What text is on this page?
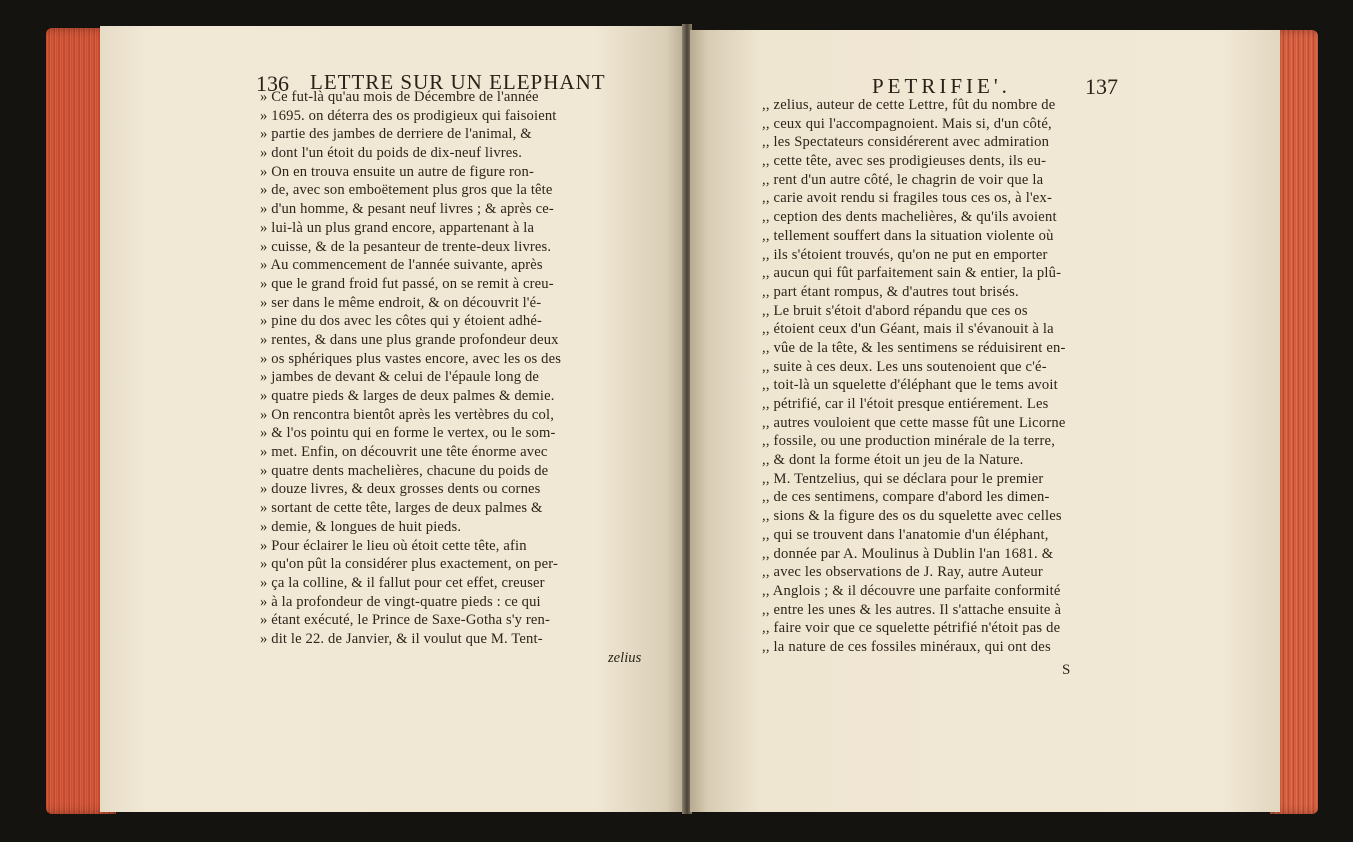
136 LETTRE SUR UN ELEPHANT
» Ce fut-là qu'au mois de Décembre de l'année
» 1695. on déterra des os prodigieux qui faisoient
» partie des jambes de derriere de l'animal, &
» dont l'un étoit du poids de dix-neuf livres.
» On en trouva ensuite un autre de figure ron-
» de, avec son emboëtement plus gros que la tête
» d'un homme, & pesant neuf livres ; & après ce-
» lui-là un plus grand encore, appartenant à la
» cuisse, & de la pesanteur de trente-deux livres.
» Au commencement de l'année suivante, après
» que le grand froid fut passé, on se remit à creu-
» ser dans le même endroit, & on découvrit l'é-
» pine du dos avec les côtes qui y étoient adhé-
» rentes, & dans une plus grande profondeur deux
» os sphériques plus vastes encore, avec les os des
» jambes de devant & celui de l'épaule long de
» quatre pieds & larges de deux palmes & demie.
» On rencontra bientôt après les vertèbres du col,
» & l'os pointu qui en forme le vertex, ou le som-
» met. Enfin, on découvrit une tête énorme avec
» quatre dents machelières, chacune du poids de
» douze livres, & deux grosses dents ou cornes
» sortant de cette tête, larges de deux palmes &
» demie, & longues de huit pieds.
» Pour éclairer le lieu où étoit cette tête, afin
» qu'on pût la considérer plus exactement, on per-
» ça la colline, & il fallut pour cet effet, creuser
» à la profondeur de vingt-quatre pieds : ce qui
» étant exécuté, le Prince de Saxe-Gotha s'y ren-
» dit le 22. de Janvier, & il voulut que M. Tent-
zelius
PETRIFIE'.	137
,, zelius, auteur de cette Lettre, fût du nombre de
,, ceux qui l'accompagnoient. Mais si, d'un côté,
,, les Spectateurs considérerent avec admiration
,, cette tête, avec ses prodigieuses dents, ils eu-
,, rent d'un autre côté, le chagrin de voir que la
,, carie avoit rendu si fragiles tous ces os, à l'ex-
,, ception des dents machelières, & qu'ils avoient
,, tellement souffert dans la situation violente où
,, ils s'étoient trouvés, qu'on ne put en emporter
,, aucun qui fût parfaitement sain & entier, la plû-
,, part étant rompus, & d'autres tout brisés.
,, Le bruit s'étoit d'abord répandu que ces os
,, étoient ceux d'un Géant, mais il s'évanouit à la
,, vûe de la tête, & les sentimens se réduisirent en-
,, suite à ces deux. Les uns soutenoient que c'é-
,, toit-là un squelette d'éléphant que le tems avoit
,, pétrifié, car il l'étoit presque entiérement. Les
,, autres vouloient que cette masse fût une Licorne
,, fossile, ou une production minérale de la terre,
,, & dont la forme étoit un jeu de la Nature.
,, M. Tentzelius, qui se déclara pour le premier
,, de ces sentimens, compare d'abord les dimen-
,, sions & la figure des os du squelette avec celles
,, qui se trouvent dans l'anatomie d'un éléphant,
,, donnée par A. Moulinus à Dublin l'an 1681. &
,, avec les observations de J. Ray, autre Auteur
,, Anglois ; & il découvre une parfaite conformité
,, entre les unes & les autres. Il s'attache ensuite à
,, faire voir que ce squelette pétrifié n'étoit pas de
,, la nature de ces fossiles minéraux, qui ont des
S
